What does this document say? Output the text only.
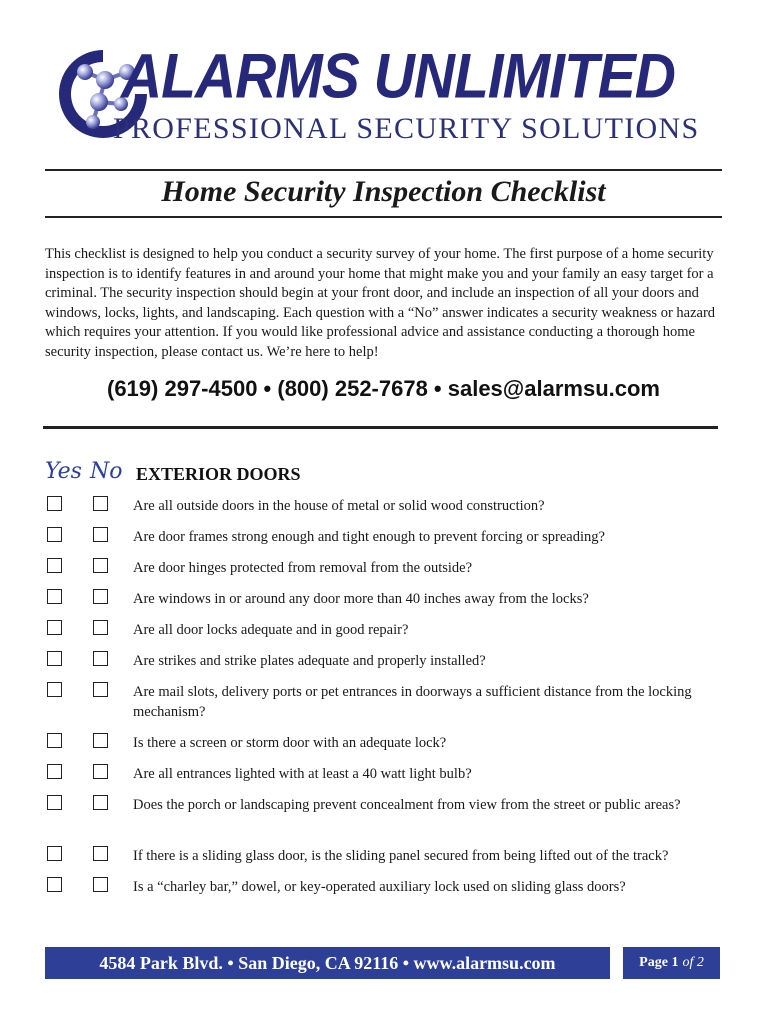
ALARMS UNLIMITED
PROFESSIONAL SECURITY SOLUTIONS
Home Security Inspection Checklist
This checklist is designed to help you conduct a security survey of your home. The first purpose of a home security inspection is to identify features in and around your home that might make you and your family an easy target for a criminal. The security inspection should begin at your front door, and include an inspection of all your doors and windows, locks, lights, and landscaping. Each question with a “No” answer indicates a security weakness or hazard which requires your attention. If you would like professional advice and assistance conducting a thorough home security inspection, please contact us. We’re here to help!
(619) 297-4500 • (800) 252-7678 • sales@alarmsu.com
Yes No EXTERIOR DOORS
Are all outside doors in the house of metal or solid wood construction?
Are door frames strong enough and tight enough to prevent forcing or spreading?
Are door hinges protected from removal from the outside?
Are windows in or around any door more than 40 inches away from the locks?
Are all door locks adequate and in good repair?
Are strikes and strike plates adequate and properly installed?
Are mail slots, delivery ports or pet entrances in doorways a sufficient distance from the locking mechanism?
Is there a screen or storm door with an adequate lock?
Are all entrances lighted with at least a 40 watt light bulb?
Does the porch or landscaping prevent concealment from view from the street or public areas?
If there is a sliding glass door, is the sliding panel secured from being lifted out of the track?
Is a “charley bar,” dowel, or key-operated auxiliary lock used on sliding glass doors?
4584 Park Blvd. • San Diego, CA 92116 • www.alarmsu.com	Page 1 of 2
